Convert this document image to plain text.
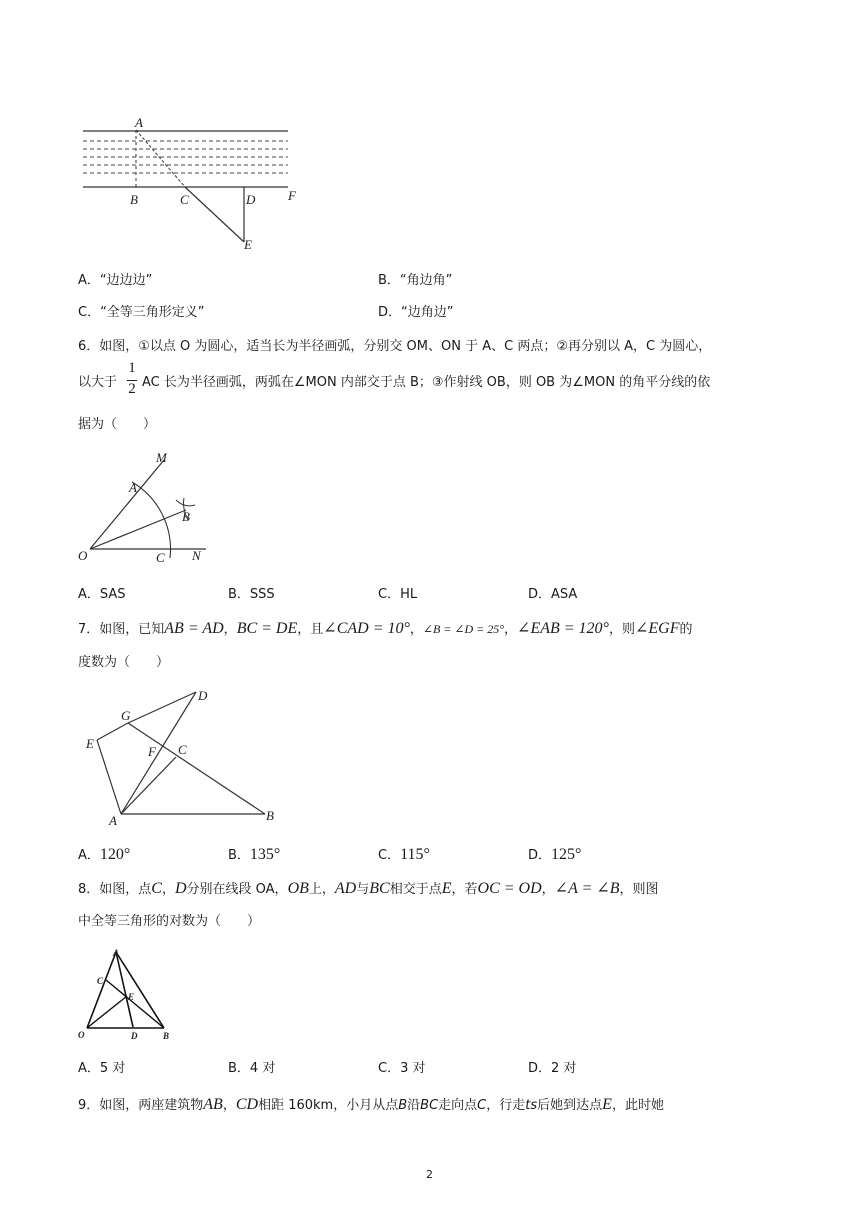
A
B	C	D	F
E
A．“边边边”	B．“角边角”
C．“全等三角形定义”	D．“边角边”
6．如图，①以点 O 为圆心，适当长为半径画弧，分别交 OM、ON 于 A、C 两点；②再分别以 A，C 为圆心，
以大于
1
2 AC 长为半径画弧，两弧在∠MON 内部交于点 B；③作射线 OB，则 OB 为∠MON 的角平分线的依
据为（　　）
M
A
B
O	C N
A．SAS	B．SSS	C．HL	D．ASA
7．如图，已知AB = AD，BC = DE，且∠CAD = 10°，∠B = ∠D = 25°，∠EAB = 120°，则∠EGF的
度数为（　　）
D
G
E
F C
A	B
A．120°	B．135°	C．115°	D．125°
8．如图，点C，D分别在线段 OA，OB上，AD与BC相交于点E，若OC = OD，∠A = ∠B，则图
中全等三角形的对数为（　　）
A
C
E
O	D	B
A．5 对	B．4 对	C．3 对	D．2 对
9．如图，两座建筑物AB，CD相距 160km，小月从点B沿BC走向点C，行走ts后她到达点E，此时她
2
